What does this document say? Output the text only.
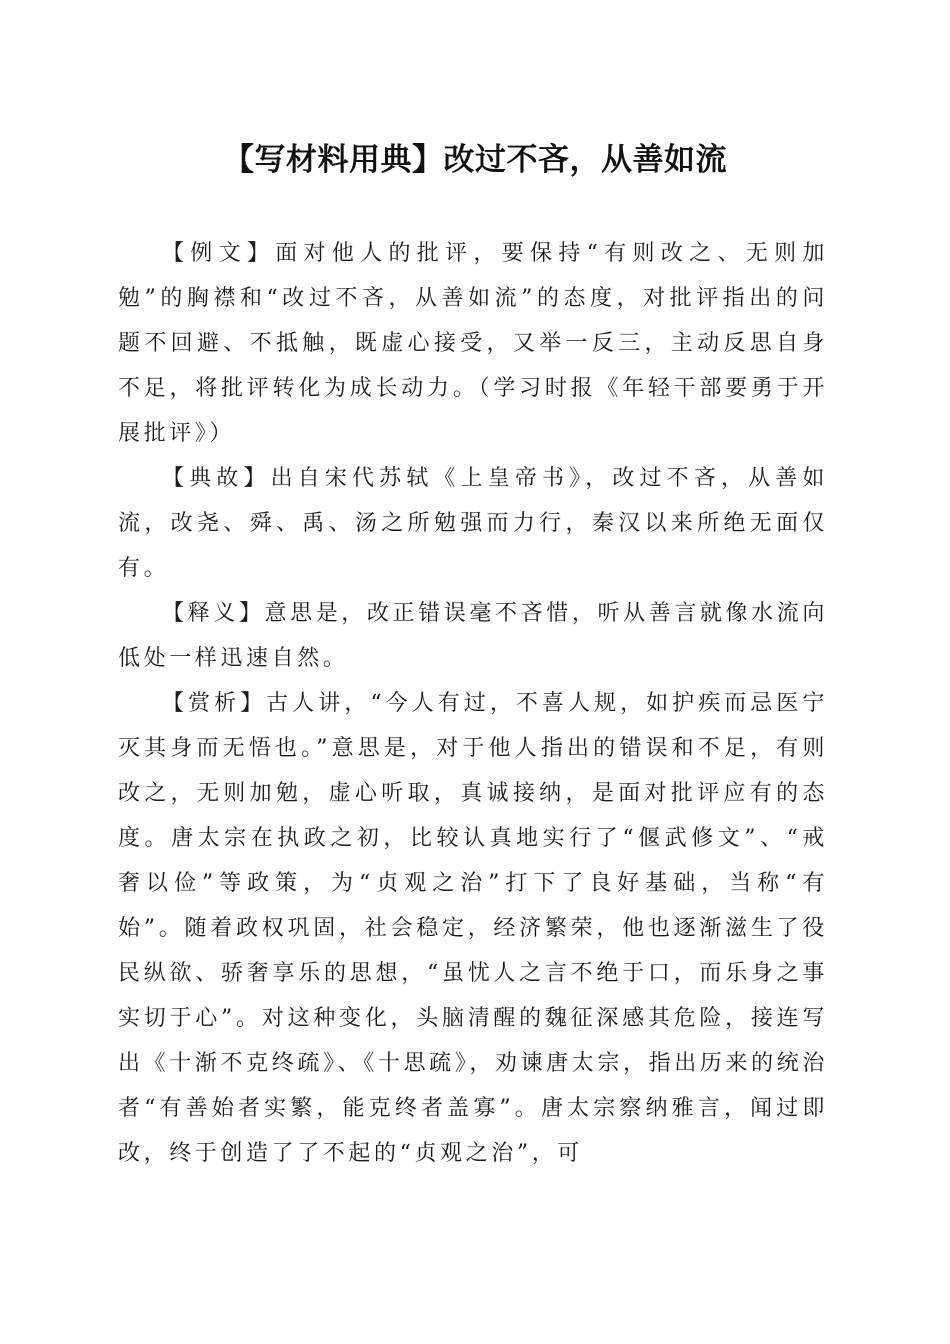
【写材料用典】改过不吝，从善如流

【例文】面对他人的批评，要保持“有则改之、无则加勉”的胸襟和“改过不吝，从善如流”的态度，对批评指出的问题不回避、不抵触，既虚心接受，又举一反三，主动反思自身不足，将批评转化为成长动力。（学习时报《年轻干部要勇于开展批评》）

【典故】出自宋代苏轼《上皇帝书》，改过不吝，从善如流，改尧、舜、禹、汤之所勉强而力行，秦汉以来所绝无面仅有。

【释义】意思是，改正错误毫不吝惜，听从善言就像水流向低处一样迅速自然。

【赏析】古人讲，“今人有过，不喜人规，如护疾而忌医宁灭其身而无悟也。”意思是，对于他人指出的错误和不足，有则改之，无则加勉，虚心听取，真诚接纳，是面对批评应有的态度。唐太宗在执政之初，比较认真地实行了“偃武修文”、“戒奢以俭”等政策，为“贞观之治”打下了良好基础，当称“有始”。随着政权巩固，社会稳定，经济繁荣，他也逐渐滋生了役民纵欲、骄奢享乐的思想，“虽忧人之言不绝于口，而乐身之事实切于心”。对这种变化，头脑清醒的魏征深感其危险，接连写出《十渐不克终疏》、《十思疏》，劝谏唐太宗，指出历来的统治者“有善始者实繁，能克终者盖寡”。唐太宗察纳雅言，闻过即改，终于创造了了不起的“贞观之治”，可
